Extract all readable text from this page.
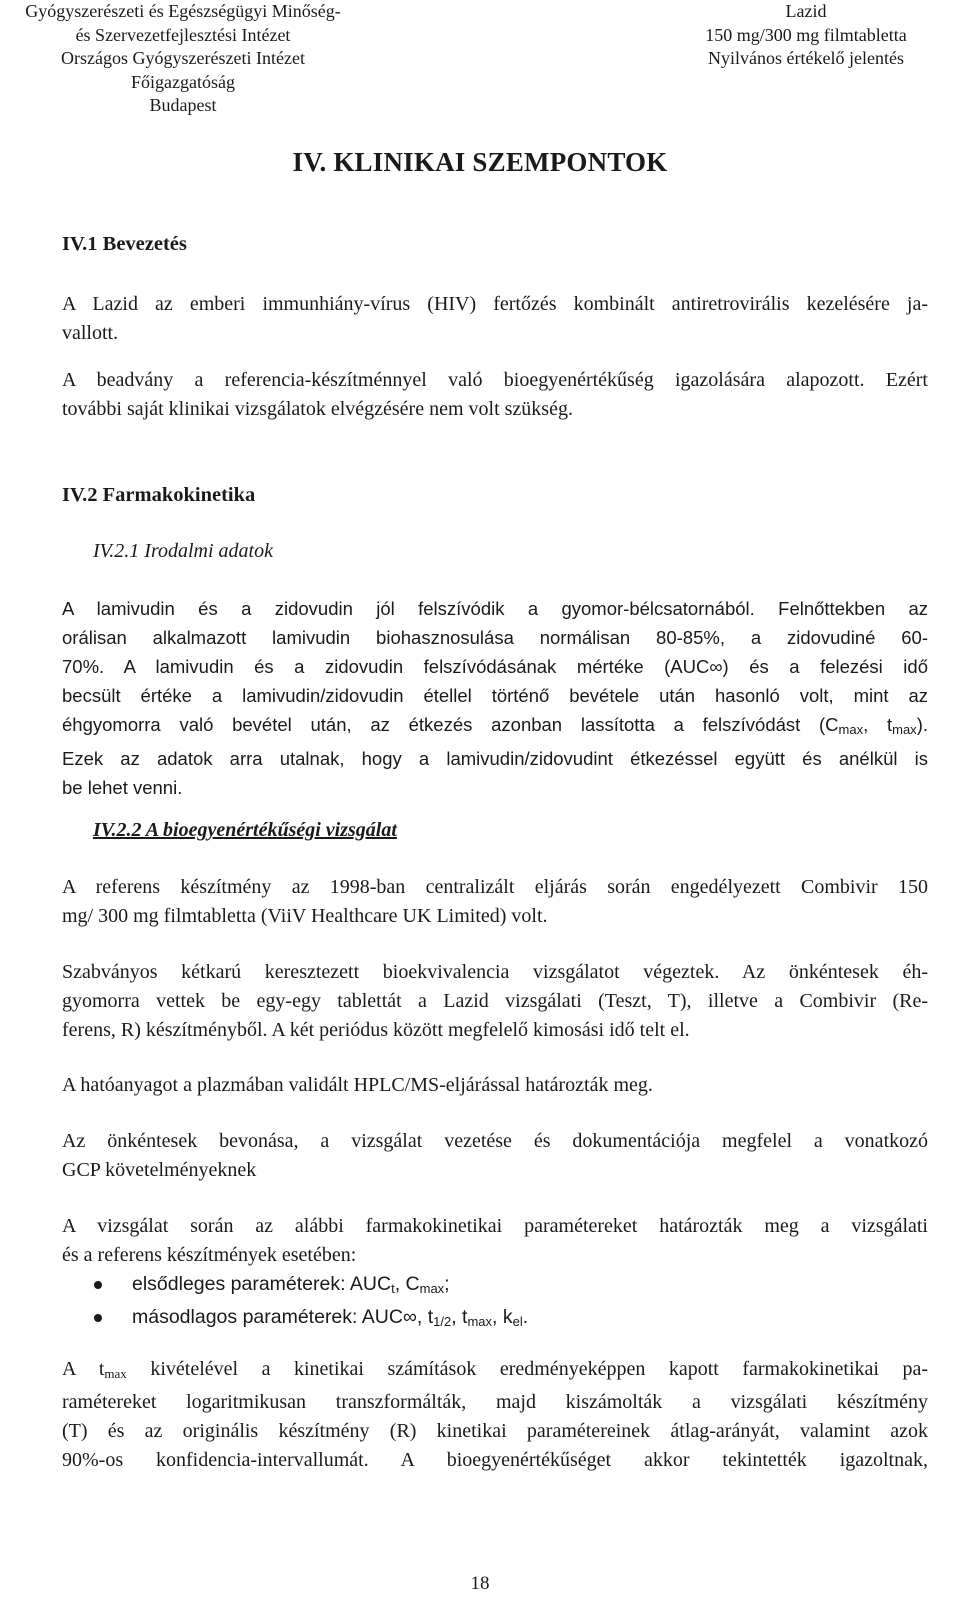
Gyógyszerészeti és Egészségügyi Minőség-
és Szervezetfejlesztési Intézet
Országos Gyógyszerészeti Intézet
Főigazgatóság
Budapest
Lazid
150 mg/300 mg filmtabletta
Nyilvános értékelő jelentés
IV. KLINIKAI SZEMPONTOK
IV.1 Bevezetés
A Lazid az emberi immunhiány-vírus (HIV) fertőzés kombinált antiretrovirális kezelésére ja-
vallott.
A beadvány a referencia-készítménnyel való bioegyenértékűség igazolására alapozott. Ezért
további saját klinikai vizsgálatok elvégzésére nem volt szükség.
IV.2 Farmakokinetika
IV.2.1 Irodalmi adatok
A lamivudin és a zidovudin jól felszívódik a gyomor-bélcsatornából. Felnőttekben az
orálisan alkalmazott lamivudin biohasznosulása normálisan 80-85%, a zidovudiné 60-
70%. A lamivudin és a zidovudin felszívódásának mértéke (AUC∞) és a felezési idő
becsült értéke a lamivudin/zidovudin étellel történő bevétele után hasonló volt, mint az
éhgyomorra való bevétel után, az étkezés azonban lassította a felszívódást ($C_{max}$, $t_{max}$).
Ezek az adatok arra utalnak, hogy a lamivudin/zidovudint étkezéssel együtt és anélkül is
be lehet venni.
IV.2.2 A bioegyenértékűségi vizsgálat
A referens készítmény az 1998-ban centralizált eljárás során engedélyezett Combivir 150
mg/ 300 mg filmtabletta (ViiV Healthcare UK Limited) volt.
Szabványos kétkarú keresztezett bioekvivalencia vizsgálatot végeztek. Az önkéntesek éh-
gyomorra vettek be egy-egy tablettát a Lazid vizsgálati (Teszt, T), illetve a Combivir (Re-
ferens, R) készítményből. A két periódus között megfelelő kimosási idő telt el.
A hatóanyagot a plazmában validált HPLC/MS-eljárással határozták meg.
Az önkéntesek bevonása, a vizsgálat vezetése és dokumentációja megfelel a vonatkozó
GCP követelményeknek
A vizsgálat során az alábbi farmakokinetikai paramétereket határozták meg a vizsgálati
és a referens készítmények esetében:
elsődleges paraméterek: $AUC_t$, $C_{max}$;
másodlagos paraméterek: AUC∞, $t_{1/2}$, $t_{max}$, $k_{el}$.
A $t_{max}$ kivételével a kinetikai számítások eredményeképpen kapott farmakokinetikai pa-
ramétereket logaritmikusan transzformálták, majd kiszámolták a vizsgálati készítmény
(T) és az originális készítmény (R) kinetikai paramétereinek átlag-arányát, valamint azok
90%-os konfidencia-intervallumát. A bioegyenértékűséget akkor tekintették igazoltnak,
18
